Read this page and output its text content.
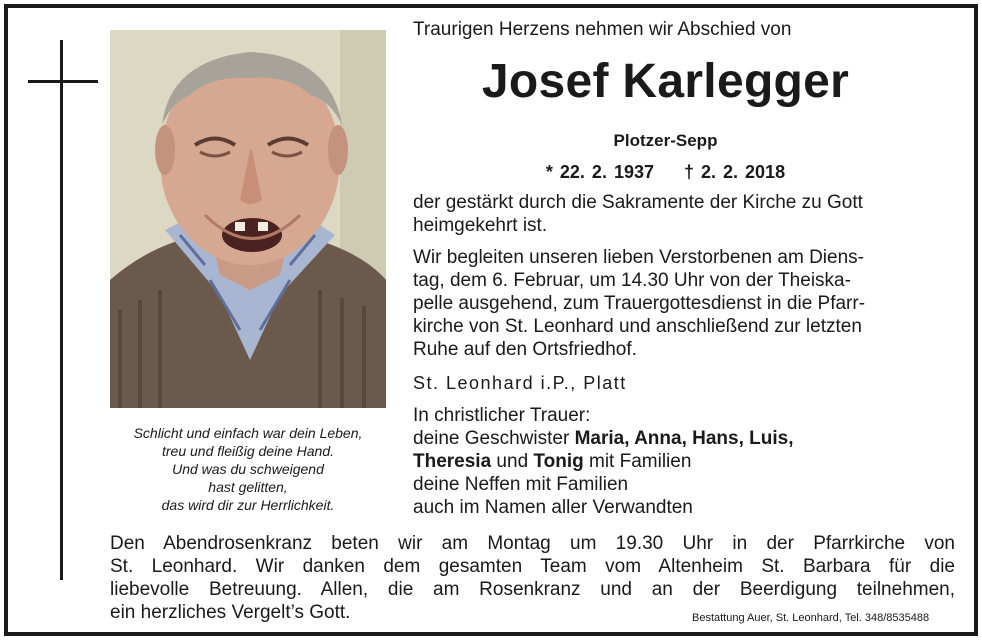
Schlicht und einfach war dein Leben,
treu und fleißig deine Hand.
Und was du schweigend
hast gelitten,
das wird dir zur Herrlichkeit.
Traurigen Herzens nehmen wir Abschied von
Josef Karlegger
Plotzer-Sepp
* 22. 2. 1937 † 2. 2. 2018
der gestärkt durch die Sakramente der Kirche zu Gott
heimgekehrt ist.
Wir begleiten unseren lieben Verstorbenen am Diens-
tag, dem 6. Februar, um 14.30 Uhr von der Theiska-
pelle ausgehend, zum Trauergottesdienst in die Pfarr-
kirche von St. Leonhard und anschließend zur letzten
Ruhe auf den Ortsfriedhof.
St. Leonhard i.P., Platt
In christlicher Trauer:
deine Geschwister Maria, Anna, Hans, Luis,
Theresia und Tonig mit Familien
deine Neffen mit Familien
auch im Namen aller Verwandten
Den Abendrosenkranz beten wir am Montag um 19.30 Uhr in der Pfarrkirche von
St. Leonhard. Wir danken dem gesamten Team vom Altenheim St. Barbara für die
liebevolle Betreuung. Allen, die am Rosenkranz und an der Beerdigung teilnehmen,
ein herzliches Vergelt’s Gott.	Bestattung Auer, St. Leonhard, Tel. 348/8535488
